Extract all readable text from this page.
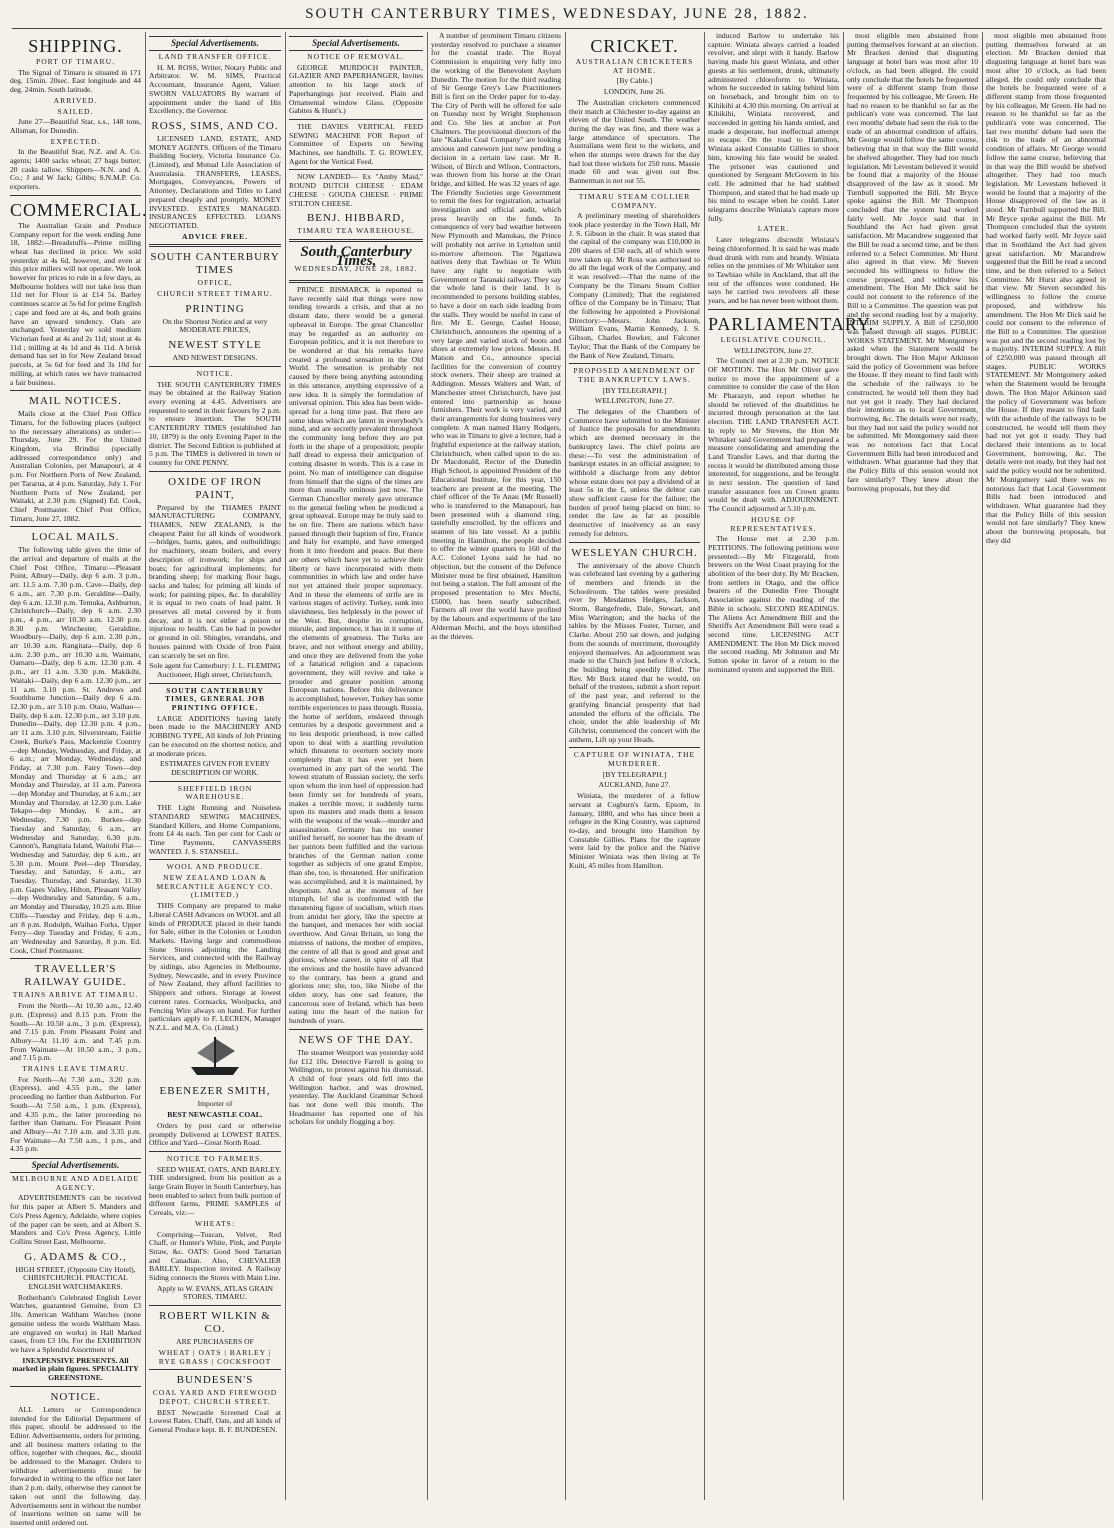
SOUTH CANTERBURY TIMES, WEDNESDAY, JUNE 28, 1882.
SHIPPING.

PORT OF TIMARU.

The Signal of Timaru is situated in 171 deg. 15min. 20sec. East longitude and 44 deg. 24min. South latitude.

ARRIVED.

SAILED.

June 27—Beautiful Star, s.s., 148 tons, Allsman, for Dunedin.

EXPECTED.

In the Beautiful Star, N.Z. and A. Co. agents; 1400 sacks wheat; 27 bags butter; 20 casks tallow. Shippers—N.N. and A. Co.; J and W Jack; Gibbs; S.N.M.P. Co. exporters.

COMMERCIAL.

The Australian Grain and Produce Company report for the week ending June 18, 1882:—Breadstuffs—Prime milling wheat has declined in price. We sold yesterday at 4s 6d, however, and even at this price millers will not operate. We look however for prices to rule in a few days, as Melbourne holders will not take less than 11d net for Flour is at £14 5s. Barley continues scarce at 5s 6d for prime English ; cape and feed are at 4s, and both grains have an upward tendency. Oats are unchanged. Yesterday we sold medium Victorian feed at 4s and 2s 11d; stout at 4s 11d ; milling at 4s 1d and 4s 11d. A brisk demand has set in for New Zealand bread parcels, at 5s 6d for feed and 3s 10d for milling, at which rates we have transacted a fair business.

MAIL NOTICES.

Mails close at the Chief Post Office Timaru, for the following places (subject to the necessary alterations) as under:—Thursday, June 29. For the United Kingdom, via Brindisi (specially addressed correspondence only) and Australian Colonies, per Manapouri, at 4 p.m. For Northern Ports of New Zealand, per Tararua, at 4 p.m. Saturday, July 1. For Northern Ports of New Zealand, per Waitaki, at 2.30 p.m. (Signed) Ed. Cook, Chief Postmaster. Chief Post Office, Timaru, June 27, 1882.

LOCAL MAILS.

The following table gives the time of the arrival and departure of mails at the Chief Post Office, Timaru:—Pleasant Point, Albury—Daily, dep 6 a.m. 3 p.m., arr. 11.5 a.m. 7.30 p.m. Cave—Daily, dep 6 a.m., arr. 7.30 p.m. Geraldine—Daily, dep 6 a.m. 12.30 p.m. Temuka, Ashburton, Christchurch—Daily, dep 6 a.m. 2.30 p.m., 4 p.m., arr 10.30 a.m. 12.30 p.m. 8.30 p.m. Winchester, Geraldine, Woodbury—Daily, dep 6 a.m. 2.30 p.m., arr 10.30 a.m. Rangitata—Daily, dep 6 a.m. 2.30 p.m., arr 10.30 a.m. Waimate, Oamaru—Daily, dep 6 a.m. 12.30 p.m. 4 p.m., arr 11 a.m. 3.30 p.m. Makikihi, Waitaki—Daily, dep 6 a.m. 12.30 p.m., arr 11 a.m. 3.10 p.m. St. Andrews and Southburne Junction—Daily dep 6 a.m. 12.30 p.m., arr 3.10 p.m. Otaio, Waihao—Daily, dep 6 a.m. 12.30 p.m., arr 3.10 p.m. Dunedin—Daily, dep 12.30 p.m. 4 p.m., arr 11 a.m. 3.10 p.m. Silverstream, Fairlie Creek, Burke's Pass, Mackenzie Country—dep Monday, Wednesday, and Friday, at 6 a.m.; arr Monday, Wednesday, and Friday, at 7.30 p.m. Fairy Town—dep Monday and Thursday at 6 a.m.; arr Monday and Thursday, at 11 a.m. Pareora—dep Monday and Thursday, at 6 a.m.; arr Monday and Thursday, at 12.30 p.m. Lake Tekapo—dep Monday, 6 a.m., arr Wednesday, 7.30 p.m. Burkes—dep Tuesday and Saturday, 6 a.m., arr Wednesday and Saturday, 6.30 p.m. Cannon's, Rangitata Island, Waitohi Flat—Wednesday and Saturday, dep 6 a.m., arr 5.30 p.m. Mount Peel—dep Thursday, Tuesday, and Saturday, 6 a.m., arr Tuesday, Thursday, and Saturday, 11.30 p.m. Gapes Valley, Hilton, Pleasant Valley—dep Wednesday and Saturday, 6 a.m., arr Monday and Thursday, 10.25 a.m. Blue Cliffs—Tuesday and Friday, dep 6 a.m., arr 8 p.m. Rodolph, Waihao Forks, Upper Ferry—dep Tuesday and Friday, 6 a.m., arr Wednesday and Saturday, 8 p.m. Ed. Cook, Chief Postmaster.

TRAVELLER'S RAILWAY GUIDE.

TRAINS ARRIVE AT TIMARU.

From the North—At 10.30 a.m., 12.40 p.m. (Express) and 8.15 p.m. From the South—At 10.50 a.m., 3 p.m. (Express), and 7.15 p.m. From Pleasant Point and Albury—At 11.10 a.m. and 7.45 p.m. From Waimate—At 10.50 a.m., 3 p.m., and 7.15 p.m.

TRAINS LEAVE TIMARU.

For North—At 7.30 a.m., 3.20 p.m. (Express), and 4.55 p.m., the latter proceeding no farther than Ashburton. For South—At 7.50 a.m., 1 p.m. (Express), and 4.35 p.m., the latter proceeding no farther than Oamaru. For Pleasant Point and Albury—At 7.10 a.m. and 3.35 p.m. For Waimate—At 7.50 a.m., 1 p.m., and 4.35 p.m.

Special Advertisements.

MELBOURNE AND ADELAIDE AGENCY.

ADVERTISEMENTS can be received for this paper at Albert S. Manders and Co's Press Agency, Adelaide, where copies of the paper can be seen, and at Albert S. Manders and Co's Press Agency, Little Collins Street East, Melbourne.

G. ADAMS & CO.,

HIGH STREET, (Opposite City Hotel), CHRISTCHURCH. PRACTICAL ENGLISH WATCHMAKERS.

Rotherham's Celebrated English Lever Watches, guaranteed Genuine, from £3 10s. American Waltham Watches (none genuine unless the words Waltham Mass. are engraved on works) in Hall Marked cases, from £3 10s. For the EXHIBITION we have a Splendid Assortment of

INEXPENSIVE PRESENTS. All marked in plain figures. SPECIALITY GREENSTONE.

NOTICE.

ALL Letters or Correspondence intended for the Editorial Department of this paper, should be addressed to the Editor. Advertisements, orders for printing, and all business matters relating to the office, together with cheques, &c., should be addressed to the Manager. Orders to withdraw advertisements must be forwarded in writing to the office not later than 2 p.m. daily, otherwise they cannot be taken out until the following day. Advertisements sent in without the number of insertions written on same will be inserted until ordered out.

Special Advertisements.

LAND TRANSFER OFFICE.

H. M. ROSS, Writer, Notary Public and Arbitrator. W. M. SIMS, Practical Accountant, Insurance Agent, Valuer. SWORN VALUATORS By warrant of appointment under the hand of His Excellency, the Governor.

ROSS, SIMS, AND CO.

LICENSED LAND, ESTATE, AND MONEY AGENTS. Officers of the Timaru Building Society, Victoria Insurance Co. (Limited), and Mutual Life Association of Australasia. TRANSFERS, LEASES, Mortgages, Conveyances, Powers of Attorney, Declarations and Titles to Land prepared cheaply and promptly. MONEY INVESTED. ESTATES MANAGED. INSURANCES EFFECTED. LOANS NEGOTIATED.

ADVICE FREE.

SOUTH CANTERBURY TIMES

OFFICE,

CHURCH STREET TIMARU.

PRINTING

On the Shortest Notice and at very MODERATE PRICES,

NEWEST STYLE

AND NEWEST DESIGNS.

NOTICE.

THE SOUTH CANTERBURY TIMES may be obtained at the Railway Station every evening at 4.45. Advertisers are requested to send in their favours by 2 p.m. to ensure insertion. The SOUTH CANTERBURY TIMES (established Jan 10, 1879) is the only Evening Paper in the district. The Second Edition is published at 5 p.m. The TIMES is delivered in town or country for ONE PENNY.

OXIDE OF IRON PAINT,

Prepared by the THAMES PAINT MANUFACTURING COMPANY, THAMES, NEW ZEALAND, is the cheapest Paint for all kinds of woodwork—bridges, barns, gates, and outbuildings; for machinery, steam boilers, and every description of ironwork; for ships and boats; for agricultural implements; for branding sheep; for marking flour bags, sacks and bales; for priming all kinds of work; for painting pipes, &c. In durability it is equal to two coats of lead paint. It preserves all metal covered by it from decay, and it is not either a poison or injurious to health. Can be had in powder or ground in oil. Shingles, verandahs, and houses painted with Oxide of Iron Paint can scarcely be set on fire.

Sole agent for Canterbury: J. L. FLEMING Auctioneer, High street, Christchurch.

SOUTH CANTERBURY TIMES, GENERAL JOB PRINTING OFFICE.

LARGE ADDITIONS having lately been made to the MACHINERY AND JOBBING TYPE, All kinds of Job Printing can be executed on the shortest notice, and at moderate prices.

ESTIMATES GIVEN FOR EVERY DESCRIPTION OF WORK.

SHEFFIELD IRON WAREHOUSE.

THE Light Running and Noiseless STANDARD SEWING MACHINES, Standard Killers, and Home Companions, from £4 4s each. Ten per cent for Cash or Time Payments, CANVASSERS WANTED. J. S. STANSELL.

WOOL AND PRODUCE.

NEW ZEALAND LOAN & MERCANTILE AGENCY CO. (LIMITED.)

THIS Company are prepared to make Liberal CASH Advances on WOOL and all kinds of PRODUCE placed in their hands for Sale, either in the Colonies or London Markets. Having large and commodious Stone Stores adjoining the Landing Services, and connected with the Railway by sidings, also Agencies in Melbourne, Sydney, Newcastle, and in every Province of New Zealand, they afford facilities to Shippers and others. Storage at lowest current rates. Cornsacks, Woolpacks, and Fencing Wire always on hand. For further particulars apply to F. LECREN, Manager N.Z.L. and M.A. Co. (Limd.)

EBENEZER SMITH,

Importer of

BEST NEWCASTLE COAL.

Orders by post card or otherwise promptly Delivered at LOWEST RATES. Office and Yard—Great North Road.

NOTICE TO FARMERS.

SEED WHEAT, OATS, AND BARLEY. THE undersigned, from his position as a large Grain Buyer in South Canterbury, has been enabled to select from bulk portion of different farms, PRIME SAMPLES of Cereals, viz:—

WHEATS:

Comprising—Tuscan, Velvet, Red Chaff, or Hunter's White, Pink, and Purple Straw, &c. OATS: Good Seed Tartarian and Canadian. Also, CHEVALIER BARLEY. Inspection invited. A Railway Siding connects the Stores with Main Line.

Apply to W. EVANS, ATLAS GRAIN STORES, TIMARU.

ROBERT WILKIN & CO.

ARE PURCHASERS OF

WHEAT | OATS | BARLEY | RYE GRASS | COCKSFOOT

BUNDESEN'S

COAL YARD AND FIREWOOD DEPOT, CHURCH STREET.

BEST Newcastle Screened Coal at Lowest Rates. Chaff, Oats, and all kinds of General Produce kept. B. F. BUNDESEN.

Special Advertisements.

NOTICE OF REMOVAL.

GEORGE MURDOCH PAINTER, GLAZIER AND PAPERHANGER, Invites attention to his large stock of Paperhangings just received. Plain and Ornamental window Glass. (Opposite Gabites & Hunt's.)

THE DAVIES VERTICAL FEED SEWING MACHINE FOR Report of Committee of Experts on Sewing Machines, see handbills. T. G. ROWLEY, Agent for the Vertical Feed.

NOW LANDED— Ex "Amby Maid," ROUND DUTCH CHEESE · EDAM CHEESE · GOUDA CHEESE · PRIME STILTON CHEESE.

BENJ. HIBBARD,

TIMARU TEA WAREHOUSE.

South Canterbury Times,
WEDNESDAY, JUNE 28, 1882.

PRINCE BISMARCK is reported to have recently said that things were now tending towards a crisis, and that at no distant date, there would be a general upheaval in Europe. The great Chancellor may be regarded as an authority on European politics, and it is not therefore to be wondered at that his remarks have created a profound sensation in the Old World. The sensation is probably not caused by there being anything astounding in this utterance, anything expressive of a new idea. It is simply the formulation of universal opinion. This idea has been wide-spread for a long time past. But there are some ideas which are latent in everybody's mind, and are secretly prevalent throughout the community long before they are put forth in the shape of a proposition; people half dread to express their anticipation of coming disaster in words. This is a case in point. No man of intelligence can disguise from himself that the signs of the times are more than usually ominous just now. The German Chancellor merely gave utterance to the general feeling when he predicted a great upheaval. Europe may be truly said to be on fire. There are nations which have passed through their baptism of fire, France and Italy for example, and have emerged from it into freedom and peace. But there are others which have yet to achieve their liberty or have incorporated with them communities in which law and order have not yet attained their proper supremacy. And in these the elements of strife are in various stages of activity. Turkey, sunk into slavishness, lies helplessly in the power of the West. But, despite its corruption, misrule, and impotence, it has in it some of the elements of greatness. The Turks are brave, and not without energy and ability, and once they are delivered from the yoke of a fanatical religion and a rapacious government, they will revive and take a prouder and greater position among European nations. Before this deliverance is accomplished, however, Turkey has some terrible experiences to pass through. Russia, the home of serfdom, enslaved through centuries by a despotic government and a no less despotic priesthood, is now called upon to deal with a startling revolution which threatens to overturn society more completely than it has ever yet been overturned in any part of the world. The lowest stratum of Russian society, the serfs upon whom the iron heel of oppression had been firmly set for hundreds of years, makes a terrible move, it suddenly turns upon its masters and reads them a lesson with the weapons of the weak—murder and assassination. Germany has no sooner unified herself, no sooner has the dream of her patriots been fulfilled and the various branches of the German nation come together as subjects of one grand Empire, than she, too, is threatened. Her unification was accomplished, and it is maintained, by despotism. And at the moment of her triumph, lo! she is confronted with the threatening figure of socialism, which rises from amidst her glory, like the spectre at the banquet, and menaces her with social overthrow. And Great Britain, so long the mistress of nations, the mother of empires, the centre of all that is good and great and glorious, whose career, in spite of all that the envious and the hostile have advanced to the contrary, has been a grand and glorious one; she, too, like Niobe of the olden story, has one sad feature, the cancerous sore of Ireland, which has been eating into the heart of the nation for hundreds of years.

NEWS OF THE DAY.

The steamer Westport was yesterday sold for £12 10s. Detective Farrell is going to Wellington, to protest against his dismissal. A child of four years old fell into the Wellington harbor, and was drowned, yesterday. The Auckland Grammar School has not done well this month. The Headmaster has reported one of his scholars for unduly flogging a boy.

A number of prominent Timaru citizens yesterday resolved to purchase a steamer for the coastal trade. The Royal Commission is enquiring very fully into the working of the Benevolent Asylum Dunedin. The motion for the third reading of Sir George Grey's Law Practitioners Bill is first on the Order paper for to-day. The City of Perth will be offered for sale on Tuesday next by Wright Stephenson and Co. She lies at anchor at Port Chalmers. The provisional directors of the late "Kakahu Coal Company" are looking anxious and careworn just now pending a decision in a certain law case. Mr R. Wilson, of Birch and Wilson, Contractors, was thrown from his horse at the Orari bridge, and killed. He was 32 years of age. The Friendly Societies urge Government to remit the fees for registration, actuarial investigation and official audit, which press heavily on the funds. In consequence of very bad weather between New Plymouth and Manukau, the Prince will probably not arrive in Lyttelton until to-morrow afternoon. The Ngatiawa natives deny that Tawhiao or Te Whiti have any right to negotiate with Government or Taranaki railway. They say the whole land is their land. It is recommended to persons building stables, to have a door on each side leading from the stalls. They would be useful in case of fire. Mr E. George, Cashel House, Christchurch, announces the opening of a very large and varied stock of boots and shoes at extremely low prices. Messrs. H. Matson and Co., announce special facilities for the conversion of country stock owners. Their sheep are trained at Addington. Messrs Walters and Watt, of Manchester street Christchurch, have just entered into partnership as house furnishers. Their work is very varied, and their arrangements for doing business very complete. A man named Harry Rodgers, who was in Timaru to give a lecture, had a frightful experience at the railway station, Christchurch, when called upon to do so. Dr Macdonald, Rector of the Dunedin High School, is appointed President of the Educational Institute, for this year, 150 teachers are present at the meeting. The chief officer of the Te Anau (Mr Russell) who is transferred to the Manapouri, has been presented with a diamond ring, tastefully enscrolled, by the officers and seamen of his late vessel. At a public meeting in Hamilton, the people decided to offer the winter quarters to 160 of the A.C. Colonel Lyons said he had no objection, but the consent of the Defence Minister must be first obtained, Hamilton not being a station. The full amount of the proposed presentation to Mrs Mechi, £5000, has been nearly subscribed. Farmers all over the world have profited by the labours and experiments of the late Alderman Mechi, and the boys identified as the thieves.

CRICKET.

AUSTRALIAN CRICKETERS AT HOME.

[By Cable.]

LONDON, June 26.

The Australian cricketers commenced their match at Chichester to-day against an eleven of the United South. The weather during the day was fine, and there was a large attendance of spectators. The Australians went first to the wickets, and when the stumps were drawn for the day had lost three wickets for 250 runs. Massie made 60 and was given out lbw. Bannerman is not out 55.

TIMARU STEAM COLLIER COMPANY.

A preliminary meeting of shareholders took place yesterday in the Town Hall, Mr J. S. Gibson in the chair. It was stated that the capital of the company was £10,000 in 200 shares of £50 each, all of which were now taken up. Mr Ross was authorised to do all the legal work of the Company, and it was resolved:—That the name of the Company be the Timaru Steam Collier Company (Limited); That the registered office of the Company be in Timaru; That the following be appointed a Provisional Directory:—Messrs. John Jackson, William Evans, Martin Kennedy, J. S. Gibson, Charles Bowker, and Falconer Taylor; That the Bank of the Company be the Bank of New Zealand, Timaru.

PROPOSED AMENDMENT OF THE BANKRUPTCY LAWS.

[BY TELEGRAPH.]

WELLINGTON, June 27.

The delegates of the Chambers of Commerce have submitted to the Minister of Justice the proposals for amendments which are deemed necessary in the bankruptcy laws. The chief points are these:—To vest the administration of bankrupt estates in an official assignee; to withhold a discharge from any debtor whose estate does not pay a dividend of at least 5s in the £, unless the debtor can show sufficient cause for the failure; the burden of proof being placed on him; to render the law as far as possible destructive of insolvency as an easy remedy for debtors.

WESLEYAN CHURCH.

The anniversary of the above Church was celebrated last evening by a gathering of members and friends in the Schoolroom. The tables were presided over by Mesdames Hedges, Jackson, Storm, Bangefrede, Dale, Stewart, and Miss Warrington; and the backs of the tables by the Misses Foster, Turner, and Clarke. About 250 sat down, and judging from the sounds of merriment, thoroughly enjoyed themselves. An adjournment was made to the Church just before 8 o'clock, the building being speedily filled. The Rev. Mr Buck stated that he would, on behalf of the trustees, submit a short report of the past year, and referred to the gratifying financial prosperity that had attended the efforts of the officials. The choir, under the able leadership of Mr Gilchrist, commenced the concert with the anthem, Lift up your Heads.

CAPTURE OF WINIATA, THE MURDERER.

[BY TELEGRAPH.]

AUCKLAND, June 27.

Winiata, the murderer of a fellow servant at Cogburn's farm, Epsom, in January, 1880, and who has since been a refugee in the King Country, was captured to-day, and brought into Hamilton by Constable Gillies. Plans for the capture were laid by the police and the Native Minister Winiata was then living at Te Kuiti, 45 miles from Hamilton.

induced Barlow to undertake his capture. Winiata always carried a loaded revolver, and slept with it handy. Barlow having made his guest Winiata, and other guests at his settlement, drunk, ultimately administered chloroform to Winiata, whom he succeeded in taking behind him on horseback, and brought him on to Kihikihi at 4.30 this morning. On arrival at Kihikihi, Winiata recovered, and succeeded in getting his hands untied, and made a desperate, but ineffectual attempt to escape. On the road to Hamilton, Winiata asked Constable Gillies to shoot him, knowing his fate would be sealed. The prisoner was cautioned and questioned by Sergeant McGovern in his cell. He admitted that he had stabbed Thompson, and stated that he had made up his mind to escape when he could. Later telegrams describe Winiata's capture more fully.

LATER.

Later telegrams discredit Winiata's being chloroformed. It is said he was made dead drunk with rum and brandy. Winiata relies on the promises of Mr Whitaker sent to Tawhiao while in Auckland, that all the rest of the offences were condoned. He says he carried two revolvers all these years, and he has never been without them.

PARLIAMENTARY.

LEGISLATIVE COUNCIL.

WELLINGTON, June 27.

The Council met at 2.30 p.m. NOTICE OF MOTION. The Hon Mr Oliver gave notice to move the appointment of a committee to consider the case of the Hon Mr Pharazyn, and report whether he should be relieved of the disabilities he incurred through personation at the last election. THE LAND TRANSFER ACT. In reply to Mr Stevens, the Hon Mr Whitaker said Government had prepared a measure consolidating and amending the Land Transfer Laws, and that during the recess it would be distributed among those interested, for suggestions, and be brought in next session. The question of land transfer assurance fees on Crown grants would be dealt with. ADJOURNMENT. The Council adjourned at 5.10 p.m.

HOUSE OF REPRESENTATIVES.

The House met at 2.30 p.m. PETITIONS. The following petitions were presented:—By Mr Fitzgerald, from brewers on the West Coast praying for the abolition of the beer duty. By Mr Bracken, from settlers in Otago, and the office bearers of the Dunedin Free Thought Association against the reading of the Bible in schools. SECOND READINGS. The Aliens Act Amendment Bill and the Sheriffs Act Amendment Bill were read a second time. LICENSING ACT AMENDMENT. The Hon Mr Dick moved the second reading. Mr Johnston and Mr Sutton spoke in favor of a return to the nominated system and supported the Bill.

most eligible men abstained from putting themselves forward at an election. Mr Bracken denied that disgusting language at hotel bars was most after 10 o'clock, as had been alleged. He could only conclude that the hotels he frequented were of a different stamp from those frequented by his colleague, Mr Green. He had no reason to be thankful so far as the publican's vote was concerned. The last two months' debate had seen the risk to the trade of an abnormal condition of affairs. Mr George would follow the same course, believing that in that way the Bill would be shelved altogether. They had too much legislation. Mr Levestam believed it would be found that a majority of the House disapproved of the law as it stood. Mr Turnbull supported the Bill. Mr Bryce spoke against the Bill. Mr Thompson concluded that the system had worked fairly well. Mr Joyce said that in Southland the Act had given great satisfaction. Mr Macandrew suggested that the Bill be read a second time, and be then referred to a Select Committee. Mr Hurst also agreed in that view. Mr Steven seconded his willingness to follow the course proposed, and withdrew his amendment. The Hon Mr Dick said he could not consent to the reference of the Bill to a Committee. The question was put and the second reading lost by a majority. INTERIM SUPPLY. A Bill of £250,000 was passed through all stages. PUBLIC WORKS STATEMENT. Mr Montgomery asked when the Statement would be brought down. The Hon Major Atkinson said the policy of Government was before the House. If they meant to find fault with the schedule of the railways to be constructed, he would tell them they had not yet got it ready. They had declared their intentions as to local Government, borrowing, &c. The details were not ready, but they had not said the policy would not be submitted. Mr Montgomery said there was no notorious fact that Local Government Bills had been introduced and withdrawn. What guarantee had they that the Policy Bills of this session would not fare similarly? They knew about the borrowing proposals, but they did

most eligible men abstained from putting themselves forward at an election. Mr Bracken denied that disgusting language at hotel bars was most after 10 o'clock, as had been alleged. He could only conclude that the hotels he frequented were of a different stamp from those frequented by his colleague, Mr Green. He had no reason to be thankful so far as the publican's vote was concerned. The last two months' debate had seen the risk to the trade of an abnormal condition of affairs. Mr George would follow the same course, believing that in that way the Bill would be shelved altogether. They had too much legislation. Mr Levestam believed it would be found that a majority of the House disapproved of the law as it stood. Mr Turnbull supported the Bill. Mr Bryce spoke against the Bill. Mr Thompson concluded that the system had worked fairly well. Mr Joyce said that in Southland the Act had given great satisfaction. Mr Macandrew suggested that the Bill be read a second time, and be then referred to a Select Committee. Mr Hurst also agreed in that view. Mr Steven seconded his willingness to follow the course proposed, and withdrew his amendment. The Hon Mr Dick said he could not consent to the reference of the Bill to a Committee. The question was put and the second reading lost by a majority. INTERIM SUPPLY. A Bill of £250,000 was passed through all stages. PUBLIC WORKS STATEMENT. Mr Montgomery asked when the Statement would be brought down. The Hon Major Atkinson said the policy of Government was before the House. If they meant to find fault with the schedule of the railways to be constructed, he would tell them they had not yet got it ready. They had declared their intentions as to local Government, borrowing, &c. The details were not ready, but they had not said the policy would not be submitted. Mr Montgomery said there was no notorious fact that Local Government Bills had been introduced and withdrawn. What guarantee had they that the Policy Bills of this session would not fare similarly? They knew about the borrowing proposals, but they did
